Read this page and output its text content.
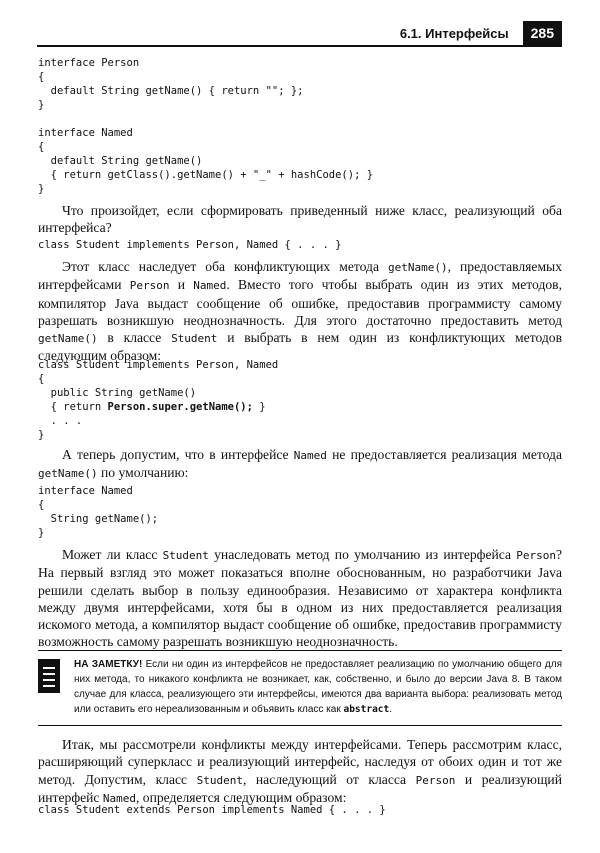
6.1. Интерфейсы	285
interface Person
{
default String getName() { return ""; };
}

interface Named
{
default String getName()
{ return getClass().getName() + "_" + hashCode(); }
}

Что произойдет, если сформировать приведенный ниже класс, реализующий оба интерфейса?

class Student implements Person, Named { . . . }

Этот класс наследует оба конфликтующих метода getName(), предоставляемых интерфейсами Person и Named. Вместо того чтобы выбрать один из этих методов, компилятор Java выдаст сообщение об ошибке, предоставив программисту самому разрешать возникшую неоднозначность. Для этого достаточно предоставить метод getName() в классе Student и выбрать в нем один из конфликтующих методов следующим образом:

class Student implements Person, Named
{
public String getName()
{ return Person.super.getName(); }
. . .
}

А теперь допустим, что в интерфейсе Named не предоставляется реализация метода getName() по умолчанию:

interface Named
{
String getName();
}

Может ли класс Student унаследовать метод по умолчанию из интерфейса Person? На первый взгляд это может показаться вполне обоснованным, но разработчики Java решили сделать выбор в пользу единообразия. Независимо от характера конфликта между двумя интерфейсами, хотя бы в одном из них предоставляется реализация искомого метода, а компилятор выдаст сообщение об ошибке, предоставив программисту возможность самому разрешать возникшую неоднозначность.

НА ЗАМЕТКУ! Если ни один из интерфейсов не предоставляет реализацию по умолчанию общего для них метода, то никакого конфликта не возникает, как, собственно, и было до версии Java 8. В таком случае для класса, реализующего эти интерфейсы, имеются два варианта выбора: реализовать метод или оставить его нереализованным и объявить класс как abstract.

Итак, мы рассмотрели конфликты между интерфейсами. Теперь рассмотрим класс, расширяющий суперкласс и реализующий интерфейс, наследуя от обоих один и тот же метод. Допустим, класс Student, наследующий от класса Person и реализующий интерфейс Named, определяется следующим образом:

class Student extends Person implements Named { . . . }
